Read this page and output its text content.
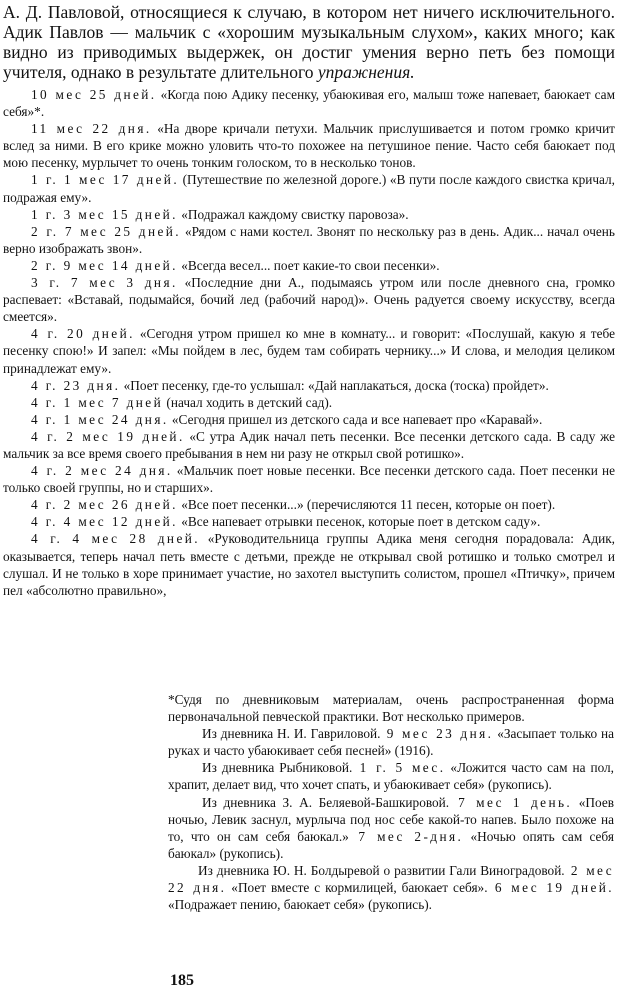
А. Д. Павловой, относящиеся к случаю, в котором нет ничего исключительного. Адик Павлов — мальчик с «хорошим музыкальным слухом», каких много; как видно из приводимых выдержек, он достиг умения верно петь без помощи учителя, однако в результате длительного упражнения.

10 мес 25 дней. «Когда пою Адику песенку, убаюкивая его, малыш тоже напевает, баюкает сам себя»*.

11 мес 22 дня. «На дворе кричали петухи. Мальчик прислушивается и потом громко кричит вслед за ними. В его крике можно уловить что-то похожее на петушиное пение. Часто себя баюкает под мою песенку, мурлычет то очень тонким голоском, то в несколько тонов.

1 г. 1 мес 17 дней. (Путешествие по железной дороге.) «В пути после каждого свистка кричал, подражая ему».

1 г. 3 мес 15 дней. «Подражал каждому свистку паровоза».

2 г. 7 мес 25 дней. «Рядом с нами костел. Звонят по нескольку раз в день. Адик... начал очень верно изображать звон».

2 г. 9 мес 14 дней. «Всегда весел... поет какие-то свои песенки».

3 г. 7 мес 3 дня. «Последние дни А., подымаясь утром или после дневного сна, громко распевает: «Вставай, подымайся, бочий лед (рабочий народ)». Очень радуется своему искусству, всегда смеется».

4 г. 20 дней. «Сегодня утром пришел ко мне в комнату... и говорит: «Послушай, какую я тебе песенку спою!» И запел: «Мы пойдем в лес, будем там собирать чернику...» И слова, и мелодия целиком принадлежат ему».

4 г. 23 дня. «Поет песенку, где-то услышал: «Дай наплакаться, доска (тоска) пройдет».

4 г. 1 мес 7 дней (начал ходить в детский сад).

4 г. 1 мес 24 дня. «Сегодня пришел из детского сада и все напевает про «Каравай».

4 г. 2 мес 19 дней. «С утра Адик начал петь песенки. Все песенки детского сада. В саду же мальчик за все время своего пребывания в нем ни разу не открыл свой ротишко».

4 г. 2 мес 24 дня. «Мальчик поет новые песенки. Все песенки детского сада. Поет песенки не только своей группы, но и старших».

4 г. 2 мес 26 дней. «Все поет песенки...» (перечисляются 11 песен, которые он поет).

4 г. 4 мес 12 дней. «Все напевает отрывки песенок, которые поет в детском саду».

4 г. 4 мес 28 дней. «Руководительница группы Адика меня сегодня порадовала: Адик, оказывается, теперь начал петь вместе с детьми, прежде не открывал свой ротишко и только смотрел и слушал. И не только в хоре принимает участие, но захотел выступить солистом, прошел «Птичку», причем пел «абсолютно правильно»,

*Судя по дневниковым материалам, очень распространенная форма первоначальной певческой практики. Вот несколько примеров.

Из дневника Н. И. Гавриловой. 9 мес 23 дня. «Засыпает только на руках и часто убаюкивает себя песней» (1916).

Из дневника Рыбниковой. 1 г. 5 мес. «Ложится часто сам на пол, храпит, делает вид, что хочет спать, и убаюкивает себя» (рукопись).

Из дневника З. А. Беляевой-Башкировой. 7 мес 1 день. «Поев ночью, Левик заснул, мурлыча под нос себе какой-то напев. Было похоже на то, что он сам себя баюкал.» 7 мес 2-дня. «Ночью опять сам себя баюкал» (рукопись).

Из дневника Ю. Н. Болдыревой о развитии Гали Виноградовой. 2 мес 22 дня. «Поет вместе с кормилицей, баюкает себя». 6 мес 19 дней. «Подражает пению, баюкает себя» (рукопись).

185
